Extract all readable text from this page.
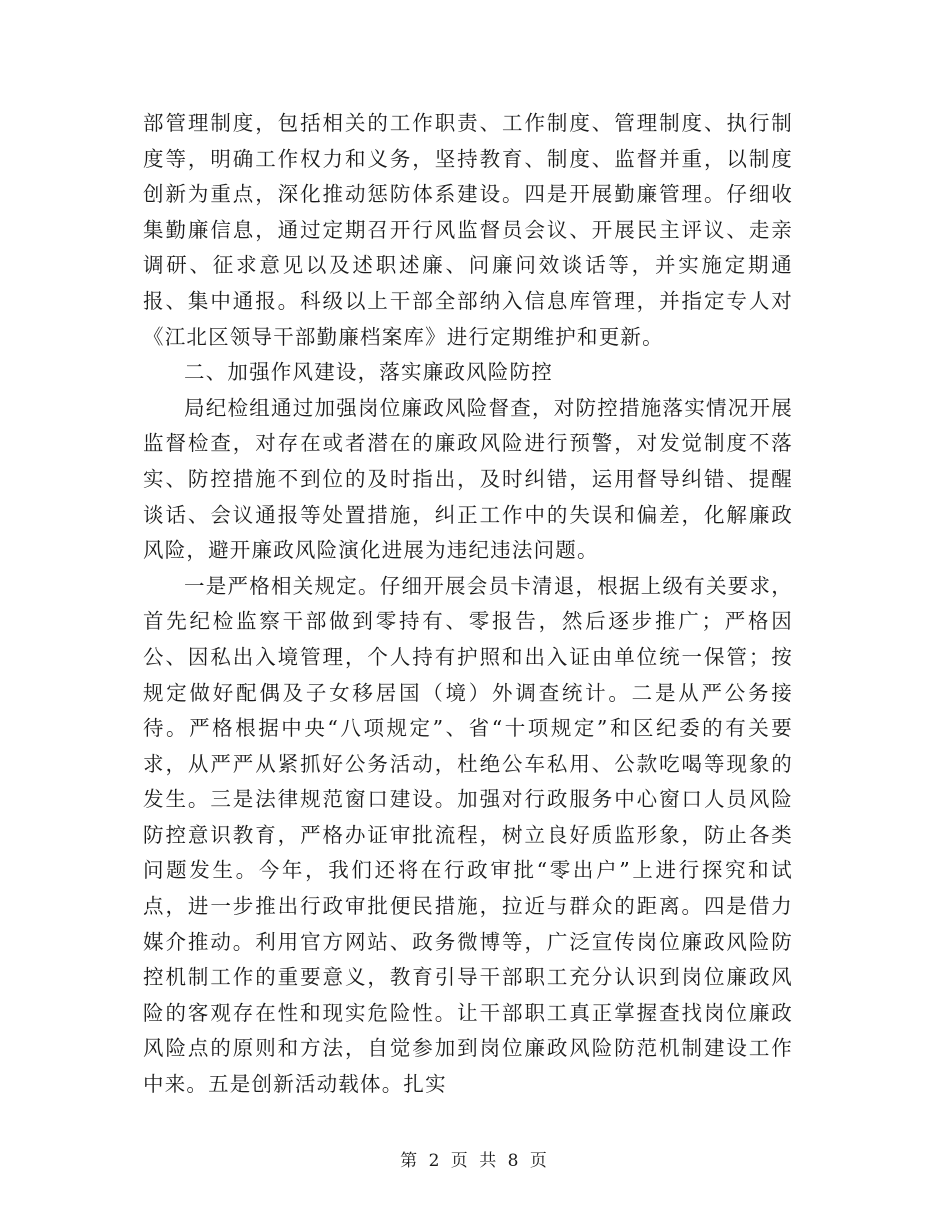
部管理制度，包括相关的工作职责、工作制度、管理制度、执行制度等，明确工作权力和义务，坚持教育、制度、监督并重，以制度创新为重点，深化推动惩防体系建设。四是开展勤廉管理。仔细收集勤廉信息，通过定期召开行风监督员会议、开展民主评议、走亲调研、征求意见以及述职述廉、问廉问效谈话等，并实施定期通报、集中通报。科级以上干部全部纳入信息库管理，并指定专人对《江北区领导干部勤廉档案库》进行定期维护和更新。

二、加强作风建设，落实廉政风险防控

局纪检组通过加强岗位廉政风险督查，对防控措施落实情况开展监督检查，对存在或者潜在的廉政风险进行预警，对发觉制度不落实、防控措施不到位的及时指出，及时纠错，运用督导纠错、提醒谈话、会议通报等处置措施，纠正工作中的失误和偏差，化解廉政风险，避开廉政风险演化进展为违纪违法问题。

一是严格相关规定。仔细开展会员卡清退，根据上级有关要求，首先纪检监察干部做到零持有、零报告，然后逐步推广；严格因公、因私出入境管理，个人持有护照和出入证由单位统一保管；按规定做好配偶及子女移居国（境）外调查统计。二是从严公务接待。严格根据中央“八项规定”、省“十项规定”和区纪委的有关要求，从严严从紧抓好公务活动，杜绝公车私用、公款吃喝等现象的发生。三是法律规范窗口建设。加强对行政服务中心窗口人员风险防控意识教育，严格办证审批流程，树立良好质监形象，防止各类问题发生。今年，我们还将在行政审批“零出户”上进行探究和试点，进一步推出行政审批便民措施，拉近与群众的距离。四是借力媒介推动。利用官方网站、政务微博等，广泛宣传岗位廉政风险防控机制工作的重要意义，教育引导干部职工充分认识到岗位廉政风险的客观存在性和现实危险性。让干部职工真正掌握查找岗位廉政风险点的原则和方法，自觉参加到岗位廉政风险防范机制建设工作中来。五是创新活动载体。扎实

第 2 页 共 8 页
